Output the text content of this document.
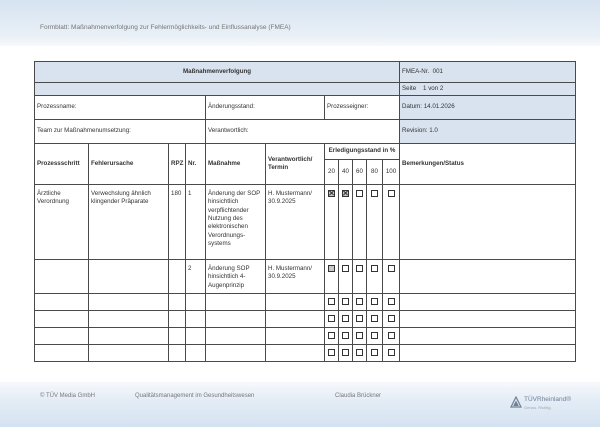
Formblatt: Maßnahmenverfolgung zur Fehlermöglichkeits- und Einflussanalyse (FMEA)
Maßnahmenverfolgung											FMEA-Nr. 001
											Seite 1 von 2
Prozessname:				Änderungsstand:		Prozesseigner:					Datum: 14.01.2026
Team zur Maßnahmenumsetzung:				Verantwortlich:							Revision: 1.0
Prozessschritt	Fehlerursache	RPZ	Nr.	Maßnahme	Verantwortlich/ Termin	Erledigungsstand in %					Bemerkungen/Status
						20	40	60	80	100	
Ärztliche Verordnung	Verwechslung ähnlich klingender Präparate	180	1	Änderung der SOP hinsichtlich verpflichtender Nutzung des elektronischen Verordnungs-systems	H. Mustermann/ 30.9.2025						
			2	Änderung SOP hinsichtlich 4-Augenprinzip	H. Mustermann/ 30.9.2025						

© TÜV Media GmbH	Qualitätsmanagement im Gesundheitswesen	Claudia Brückner	TÜVRheinland®
Genau. Richtig.
